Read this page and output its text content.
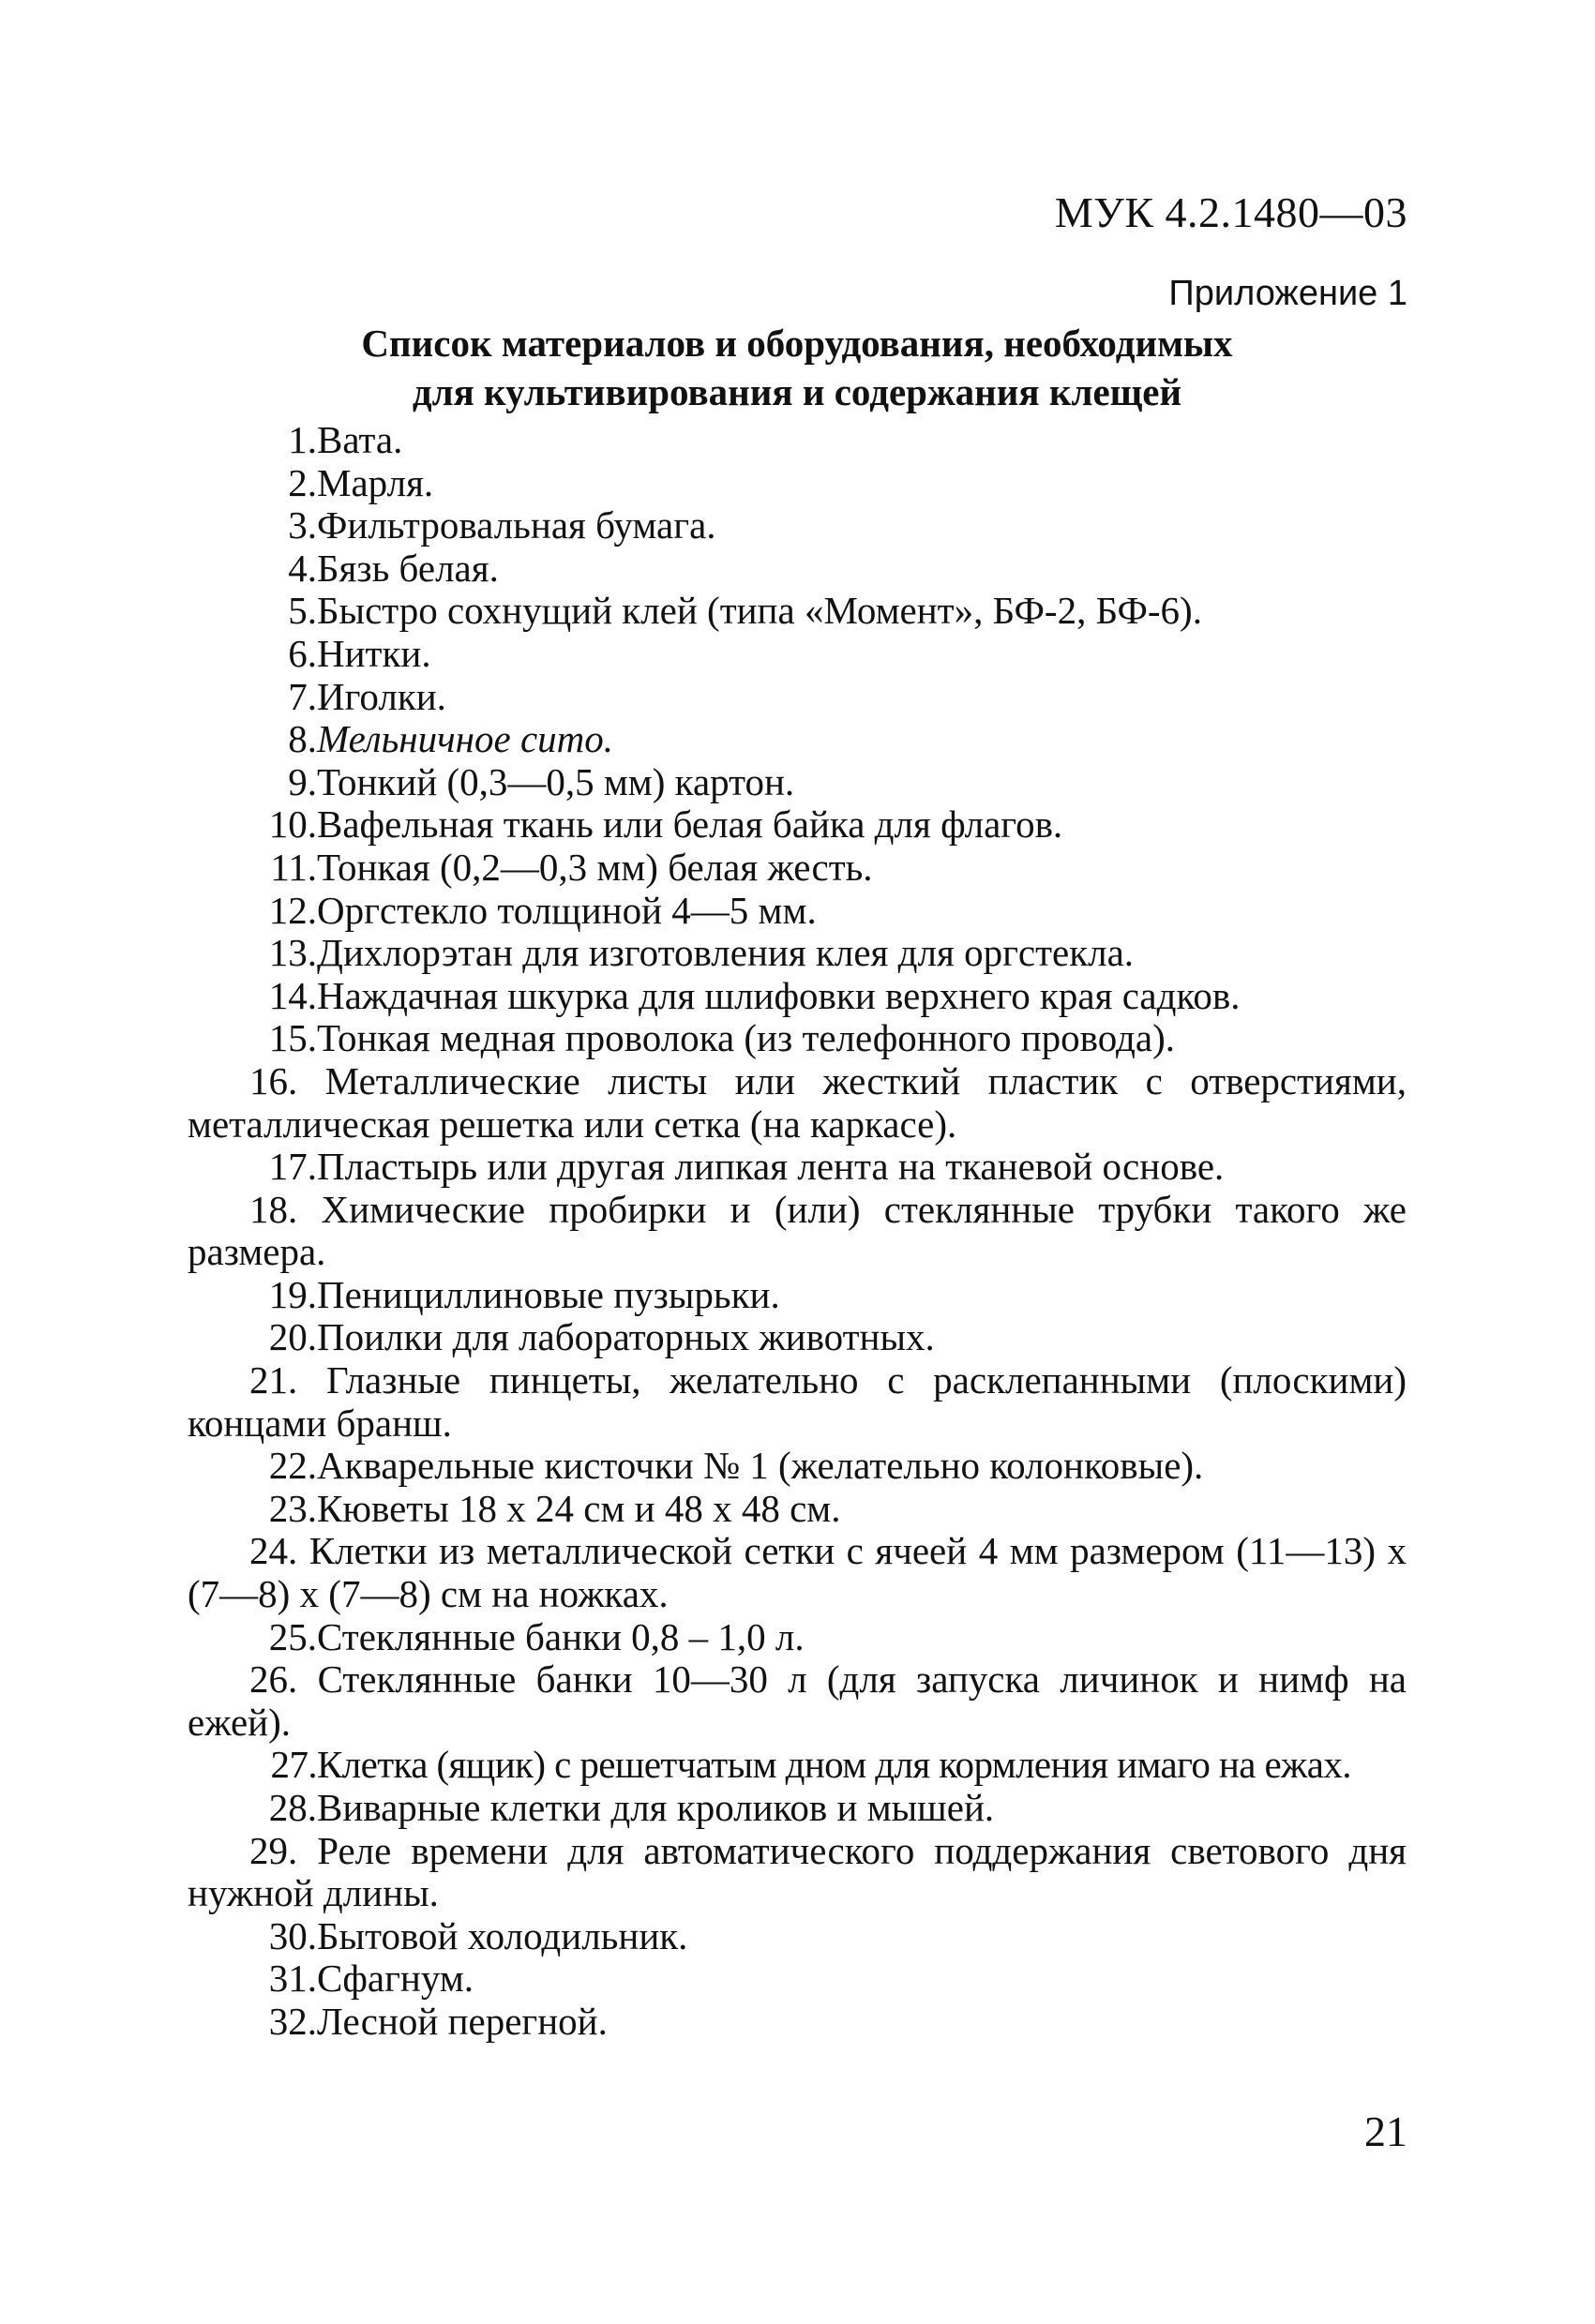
МУК 4.2.1480—03
Приложение 1
Список материалов и оборудования, необходимых
для культивирования и содержания клещей
1. Вата.
2. Марля.
3. Фильтровальная бумага.
4. Бязь белая.
5. Быстро сохнущий клей (типа «Момент», БФ-2, БФ-6).
6. Нитки.
7. Иголки.
8. Мельничное сито.
9. Тонкий (0,3—0,5 мм) картон.
10. Вафельная ткань или белая байка для флагов.
11. Тонкая (0,2—0,3 мм) белая жесть.
12. Оргстекло толщиной 4—5 мм.
13. Дихлорэтан для изготовления клея для оргстекла.
14. Наждачная шкурка для шлифовки верхнего края садков.
15. Тонкая медная проволока (из телефонного провода).
16. Металлические листы или жесткий пластик с отверстиями, металлическая решетка или сетка (на каркасе).
17. Пластырь или другая липкая лента на тканевой основе.
18. Химические пробирки и (или) стеклянные трубки такого же размера.
19. Пенициллиновые пузырьки.
20. Поилки для лабораторных животных.
21. Глазные пинцеты, желательно с расклепанными (плоскими) концами бранш.
22. Акварельные кисточки № 1 (желательно колонковые).
23. Кюветы 18 х 24 см и 48 х 48 см.
24. Клетки из металлической сетки с ячеей 4 мм размером (11—13) х (7—8) х (7—8) см на ножках.
25. Стеклянные банки 0,8 – 1,0 л.
26. Стеклянные банки 10—30 л (для запуска личинок и нимф на ежей).
27. Клетка (ящик) с решетчатым дном для кормления имаго на ежах.
28. Виварные клетки для кроликов и мышей.
29. Реле времени для автоматического поддержания светового дня нужной длины.
30. Бытовой холодильник.
31. Сфагнум.
32. Лесной перегной.
21
